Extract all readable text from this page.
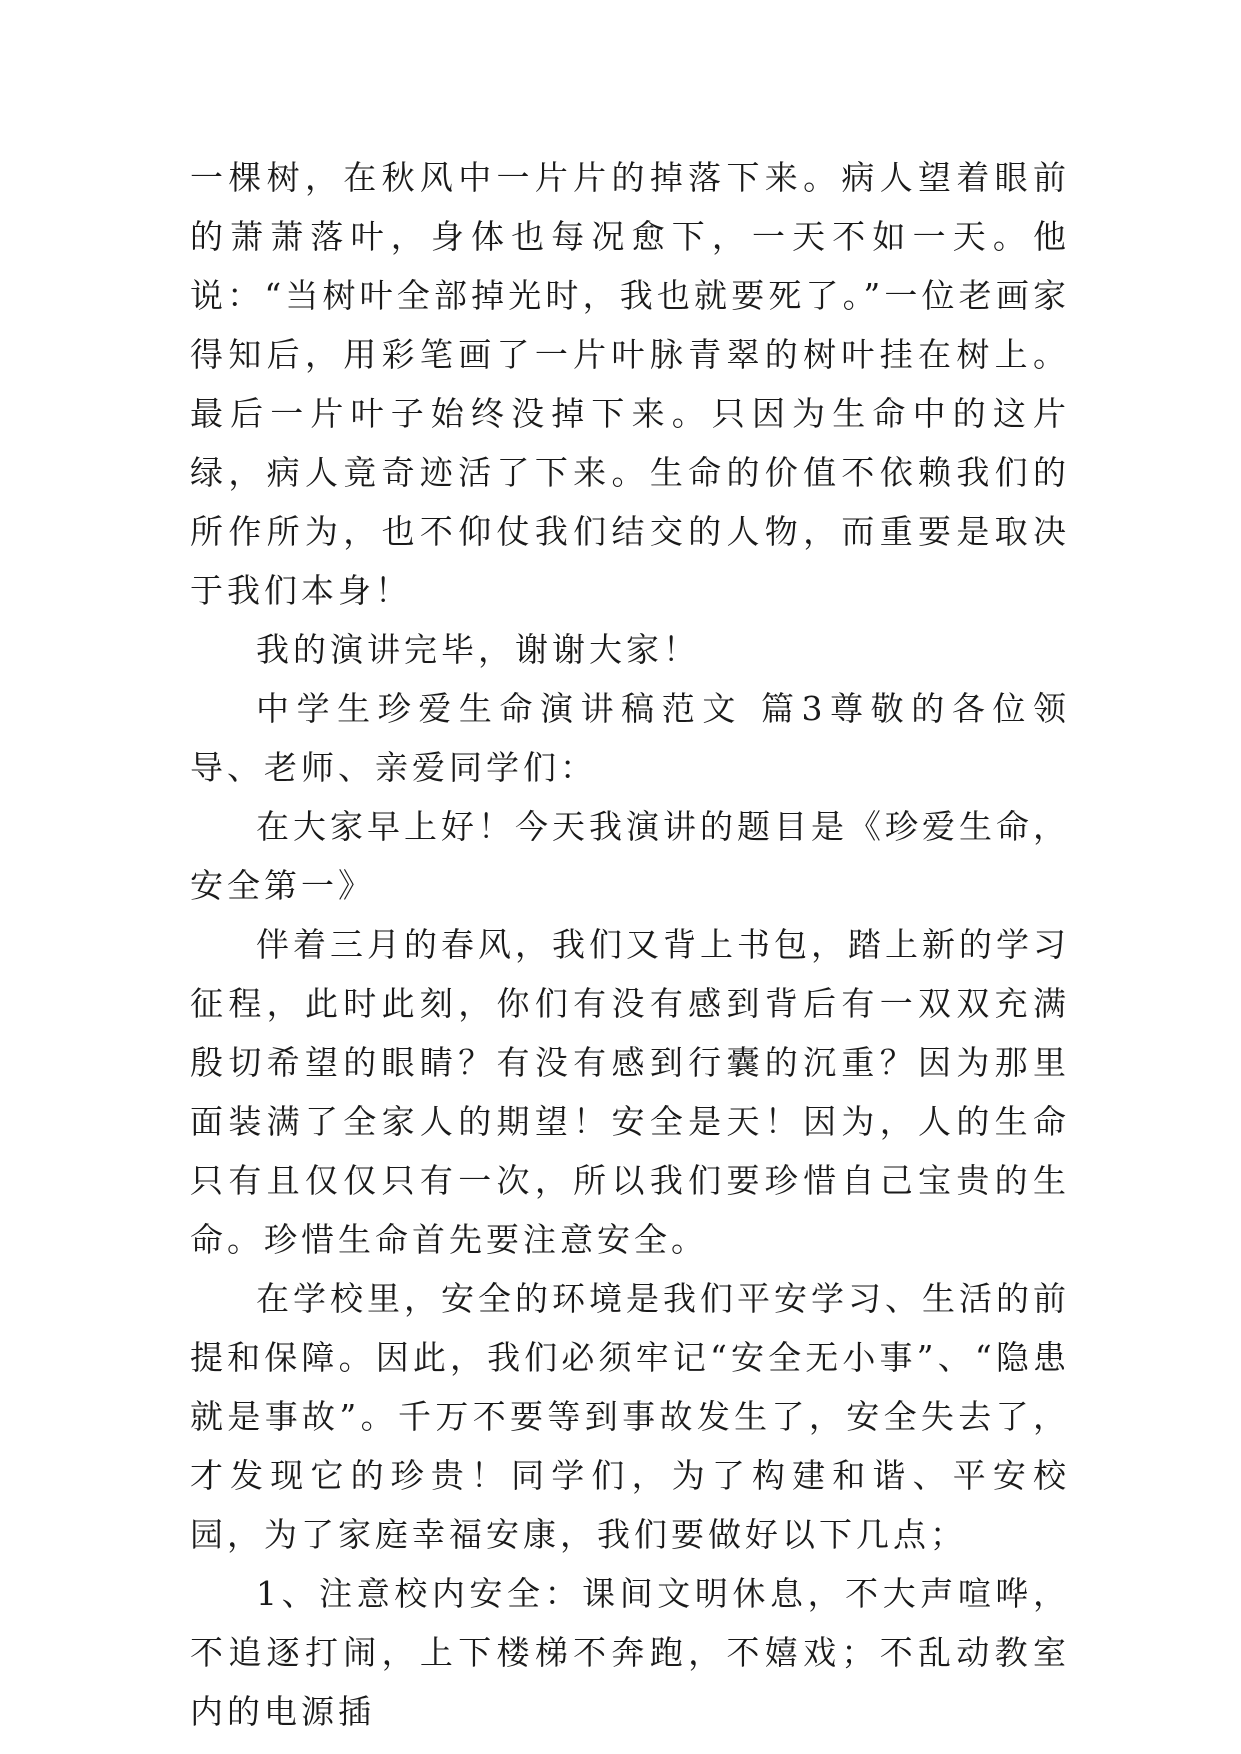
一棵树，在秋风中一片片的掉落下来。病人望着眼前的萧萧落叶，身体也每况愈下，一天不如一天。他说：“当树叶全部掉光时，我也就要死了。”一位老画家得知后，用彩笔画了一片叶脉青翠的树叶挂在树上。最后一片叶子始终没掉下来。只因为生命中的这片绿，病人竟奇迹活了下来。生命的价值不依赖我们的所作所为，也不仰仗我们结交的人物，而重要是取决于我们本身！

我的演讲完毕，谢谢大家！

中学生珍爱生命演讲稿范文 篇3尊敬的各位领导、老师、亲爱同学们：

在大家早上好！今天我演讲的题目是《珍爱生命，安全第一》

伴着三月的春风，我们又背上书包，踏上新的学习征程，此时此刻，你们有没有感到背后有一双双充满殷切希望的眼睛？有没有感到行囊的沉重？因为那里面装满了全家人的期望！安全是天！因为，人的生命只有且仅仅只有一次，所以我们要珍惜自己宝贵的生命。珍惜生命首先要注意安全。

在学校里，安全的环境是我们平安学习、生活的前提和保障。因此，我们必须牢记“安全无小事”、“隐患就是事故”。千万不要等到事故发生了，安全失去了，才发现它的珍贵！同学们，为了构建和谐、平安校园，为了家庭幸福安康，我们要做好以下几点；

1、注意校内安全：课间文明休息，不大声喧哗，不追逐打闹，上下楼梯不奔跑，不嬉戏；不乱动教室内的电源插
